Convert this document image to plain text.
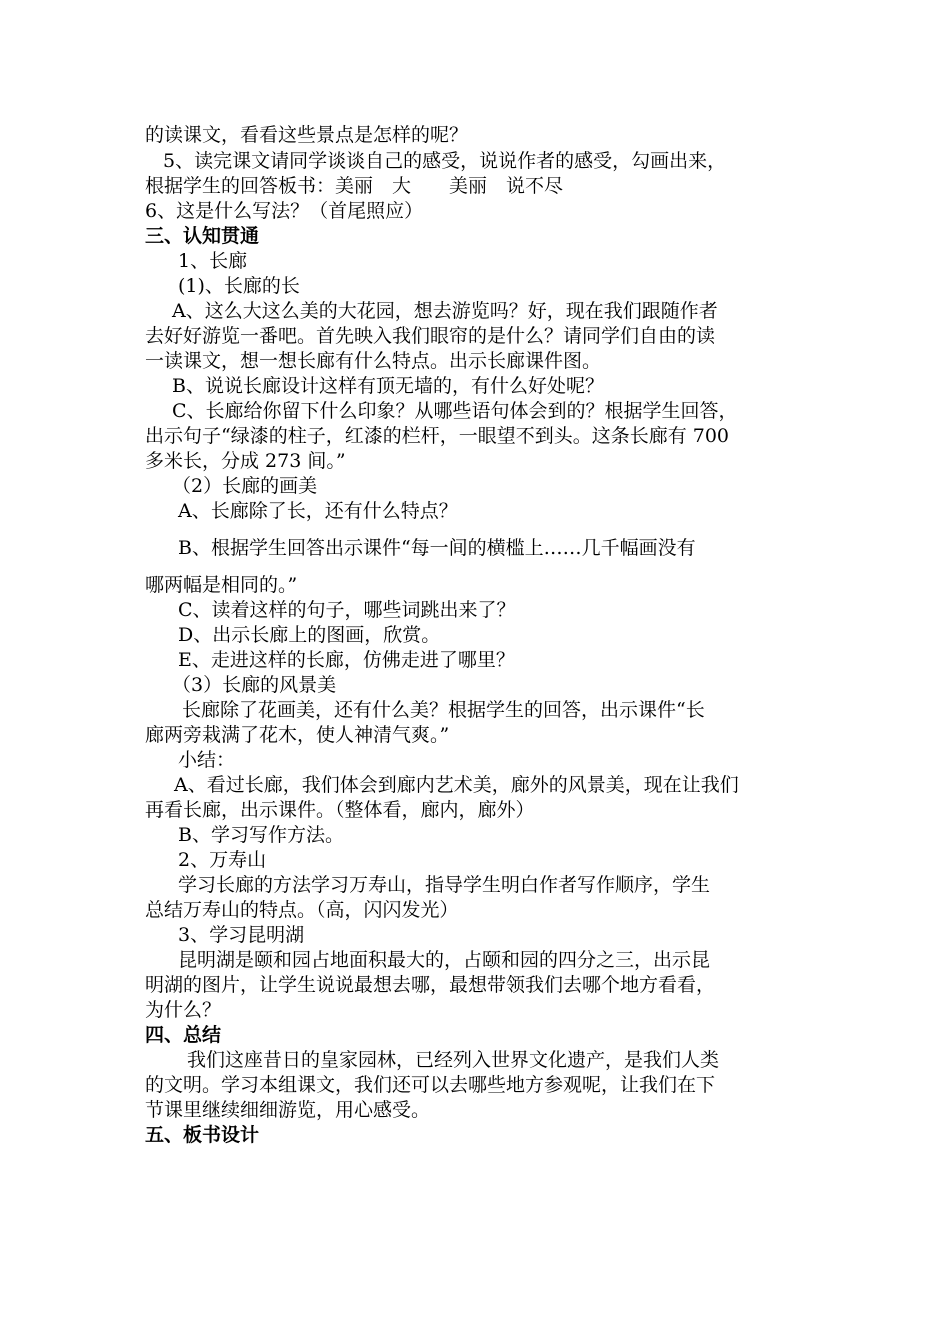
的读课文，看看这些景点是怎样的呢？
5、读完课文请同学谈谈自己的感受，说说作者的感受，勾画出来，
根据学生的回答板书：美丽　大　　美丽　说不尽
6、这是什么写法？（首尾照应）
三、认知贯通
1、长廊
(1)、长廊的长
A、这么大这么美的大花园，想去游览吗？好，现在我们跟随作者
去好好游览一番吧。首先映入我们眼帘的是什么？请同学们自由的读
一读课文，想一想长廊有什么特点。出示长廊课件图。
B、说说长廊设计这样有顶无墙的，有什么好处呢？
C、长廊给你留下什么印象？从哪些语句体会到的？根据学生回答，
出示句子“绿漆的柱子，红漆的栏杆，一眼望不到头。这条长廊有 700
多米长，分成 273 间。”
（2）长廊的画美
A、长廊除了长，还有什么特点？
B、根据学生回答出示课件“每一间的横槛上……几千幅画没有
哪两幅是相同的。”
C、读着这样的句子，哪些词跳出来了？
D、出示长廊上的图画，欣赏。
E、走进这样的长廊，仿佛走进了哪里？
（3）长廊的风景美
长廊除了花画美，还有什么美？根据学生的回答，出示课件“长
廊两旁栽满了花木，使人神清气爽。”
小结：
A、看过长廊，我们体会到廊内艺术美，廊外的风景美，现在让我们
再看长廊，出示课件。（整体看，廊内，廊外）
B、学习写作方法。
2、万寿山
学习长廊的方法学习万寿山，指导学生明白作者写作顺序，学生
总结万寿山的特点。（高，闪闪发光）
3、学习昆明湖
昆明湖是颐和园占地面积最大的，占颐和园的四分之三，出示昆
明湖的图片，让学生说说最想去哪，最想带领我们去哪个地方看看，
为什么？
四、总结
我们这座昔日的皇家园林，已经列入世界文化遗产，是我们人类
的文明。学习本组课文，我们还可以去哪些地方参观呢，让我们在下
节课里继续细细游览，用心感受。
五、板书设计
